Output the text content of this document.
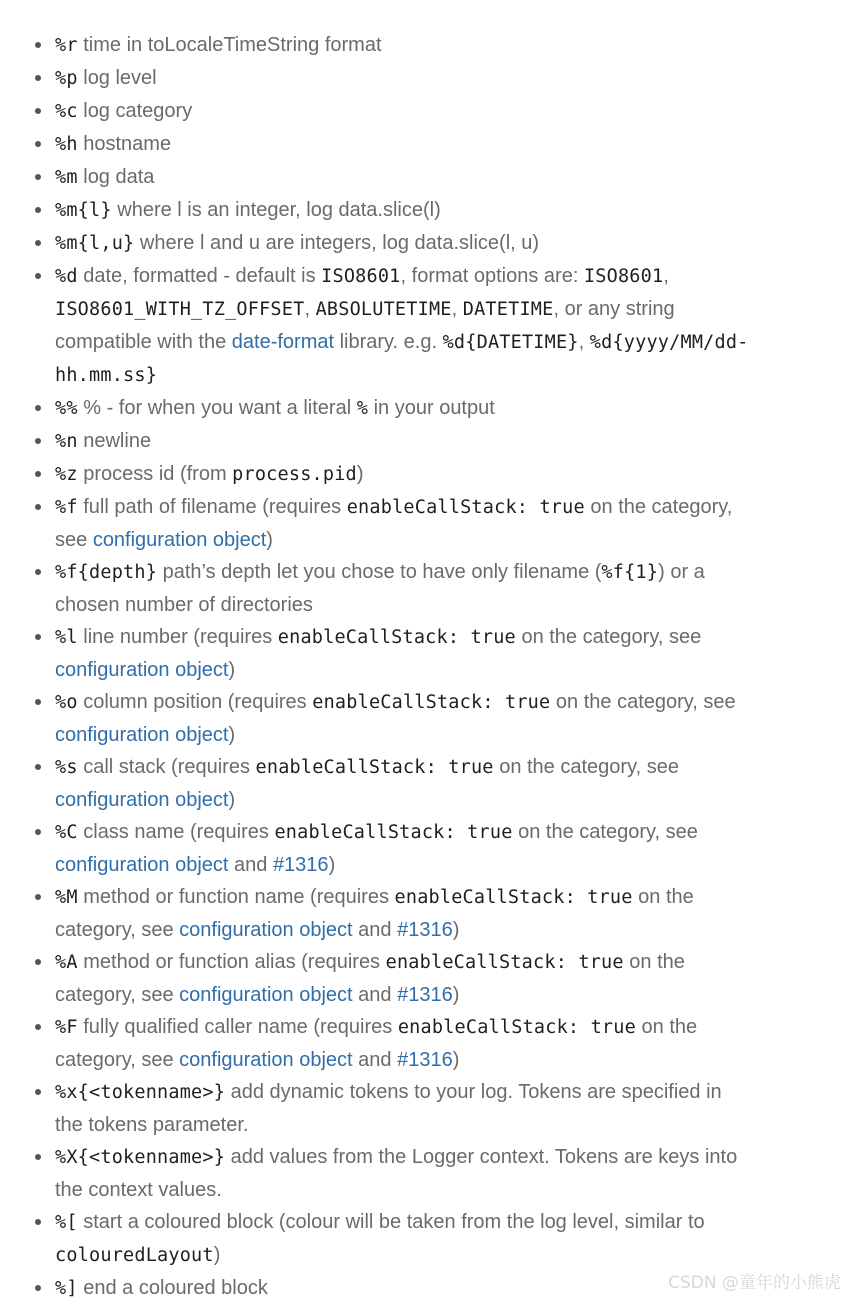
%r time in toLocaleTimeString format
%p log level
%c log category
%h hostname
%m log data
%m{l} where l is an integer, log data.slice(l)
%m{l,u} where l and u are integers, log data.slice(l, u)
%d date, formatted - default is ISO8601, format options are: ISO8601, ISO8601_WITH_TZ_OFFSET, ABSOLUTETIME, DATETIME, or any string compatible with the date-format library. e.g. %d{DATETIME}, %d{yyyy/MM/dd-hh.mm.ss}
%% % - for when you want a literal % in your output
%n newline
%z process id (from process.pid)
%f full path of filename (requires enableCallStack: true on the category, see configuration object)
%f{depth} path’s depth let you chose to have only filename (%f{1}) or a chosen number of directories
%l line number (requires enableCallStack: true on the category, see configuration object)
%o column position (requires enableCallStack: true on the category, see configuration object)
%s call stack (requires enableCallStack: true on the category, see configuration object)
%C class name (requires enableCallStack: true on the category, see configuration object and #1316)
%M method or function name (requires enableCallStack: true on the category, see configuration object and #1316)
%A method or function alias (requires enableCallStack: true on the category, see configuration object and #1316)
%F fully qualified caller name (requires enableCallStack: true on the category, see configuration object and #1316)
%x{<tokenname>} add dynamic tokens to your log. Tokens are specified in the tokens parameter.
%X{<tokenname>} add values from the Logger context. Tokens are keys into the context values.
%[ start a coloured block (colour will be taken from the log level, similar to colouredLayout)
%] end a coloured block	CSDN @童年的小熊虎
